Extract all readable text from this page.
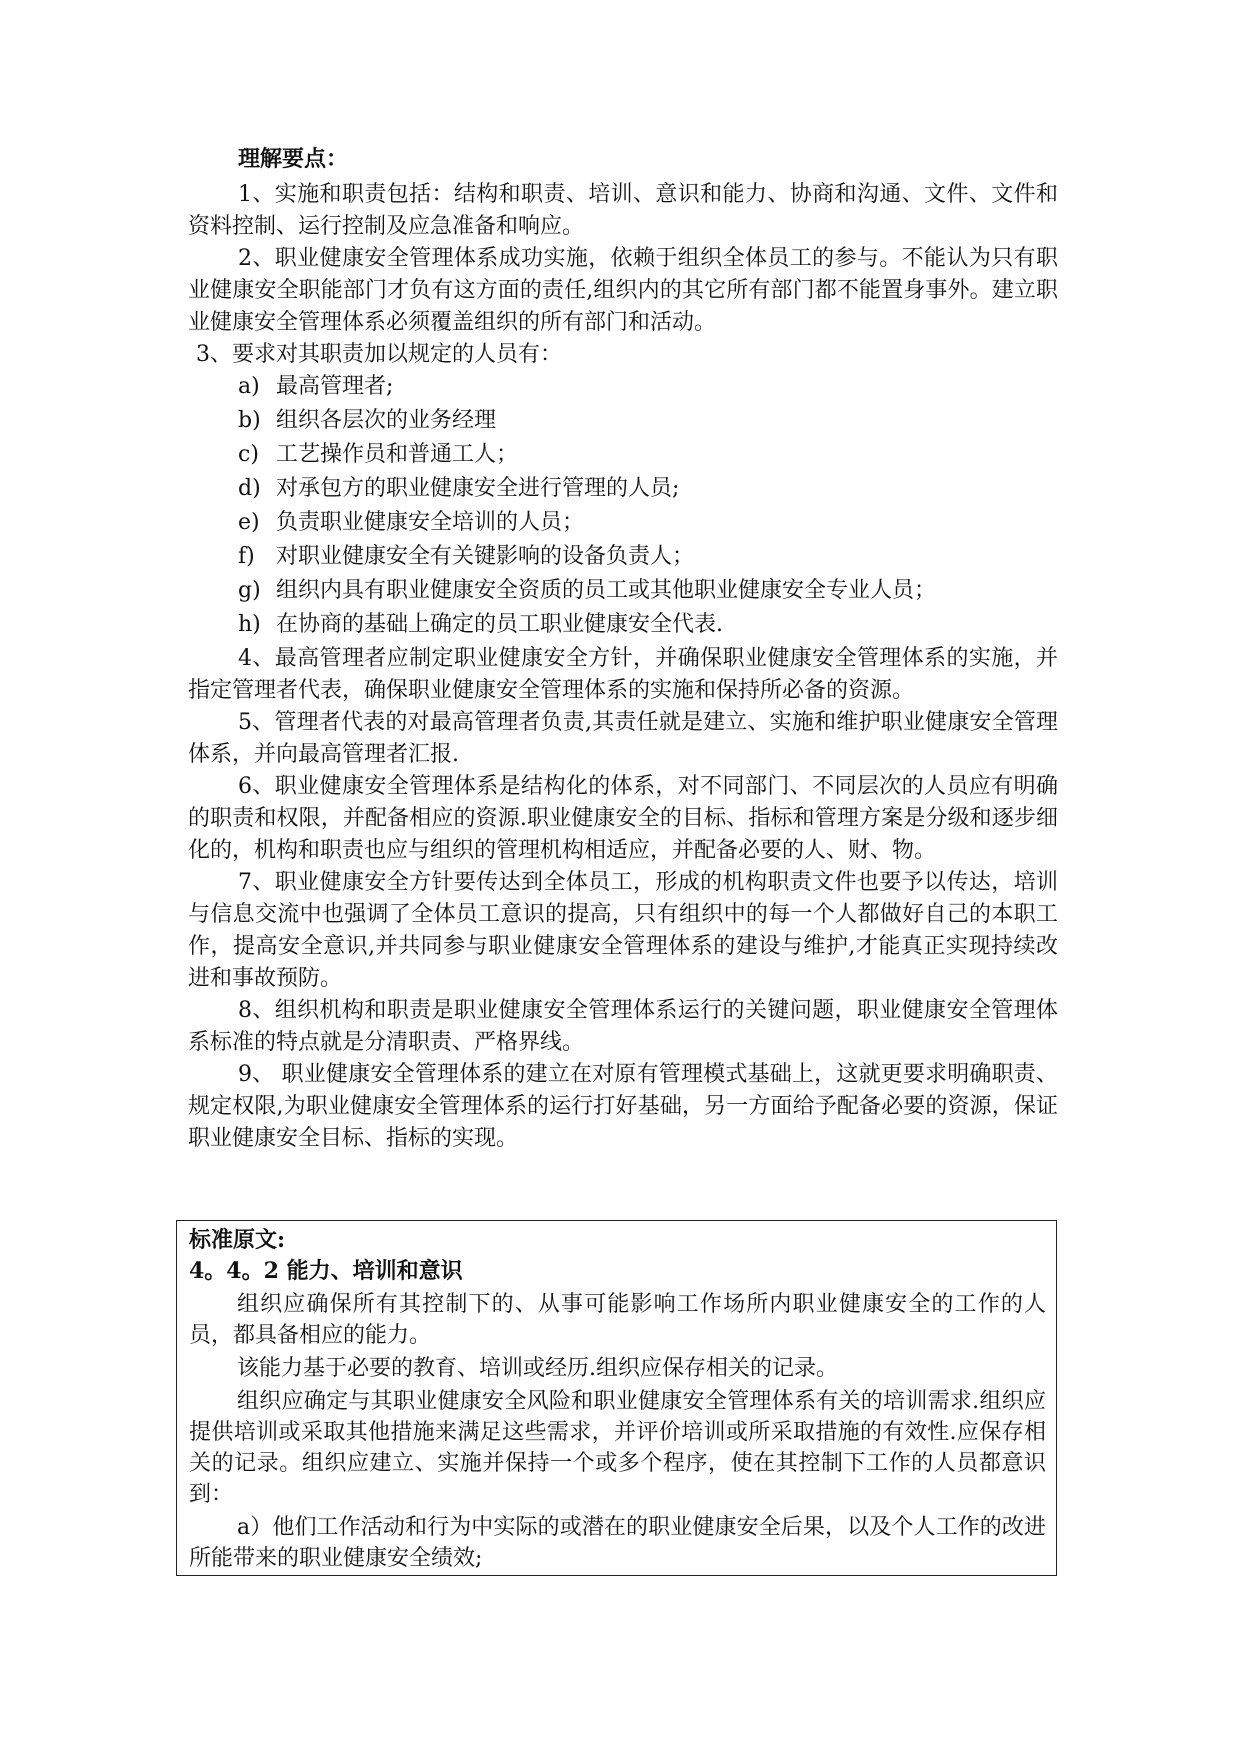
理解要点：

1、实施和职责包括：结构和职责、培训、意识和能力、协商和沟通、文件、文件和资料控制、运行控制及应急准备和响应。

2、职业健康安全管理体系成功实施，依赖于组织全体员工的参与。不能认为只有职业健康安全职能部门才负有这方面的责任,组织内的其它所有部门都不能置身事外。建立职业健康安全管理体系必须覆盖组织的所有部门和活动。

3、要求对其职责加以规定的人员有：

a) 最高管理者;
b) 组织各层次的业务经理
c) 工艺操作员和普通工人；
d) 对承包方的职业健康安全进行管理的人员;
e) 负责职业健康安全培训的人员；
f) 对职业健康安全有关键影响的设备负责人；
g) 组织内具有职业健康安全资质的员工或其他职业健康安全专业人员；
h) 在协商的基础上确定的员工职业健康安全代表.

4、最高管理者应制定职业健康安全方针，并确保职业健康安全管理体系的实施，并指定管理者代表，确保职业健康安全管理体系的实施和保持所必备的资源。

5、管理者代表的对最高管理者负责,其责任就是建立、实施和维护职业健康安全管理体系，并向最高管理者汇报.

6、职业健康安全管理体系是结构化的体系，对不同部门、不同层次的人员应有明确的职责和权限，并配备相应的资源.职业健康安全的目标、指标和管理方案是分级和逐步细化的，机构和职责也应与组织的管理机构相适应，并配备必要的人、财、物。

7、职业健康安全方针要传达到全体员工，形成的机构职责文件也要予以传达，培训与信息交流中也强调了全体员工意识的提高，只有组织中的每一个人都做好自己的本职工作，提高安全意识,并共同参与职业健康安全管理体系的建设与维护,才能真正实现持续改进和事故预防。

8、组织机构和职责是职业健康安全管理体系运行的关键问题，职业健康安全管理体系标准的特点就是分清职责、严格界线。

9、 职业健康安全管理体系的建立在对原有管理模式基础上，这就更要求明确职责、规定权限,为职业健康安全管理体系的运行打好基础，另一方面给予配备必要的资源，保证职业健康安全目标、指标的实现。

标准原文:

4。4。2 能力、培训和意识

组织应确保所有其控制下的、从事可能影响工作场所内职业健康安全的工作的人员，都具备相应的能力。

该能力基于必要的教育、培训或经历.组织应保存相关的记录。

组织应确定与其职业健康安全风险和职业健康安全管理体系有关的培训需求.组织应提供培训或采取其他措施来满足这些需求，并评价培训或所采取措施的有效性.应保存相关的记录。组织应建立、实施并保持一个或多个程序，使在其控制下工作的人员都意识到：

a）他们工作活动和行为中实际的或潜在的职业健康安全后果，以及个人工作的改进所能带来的职业健康安全绩效;
